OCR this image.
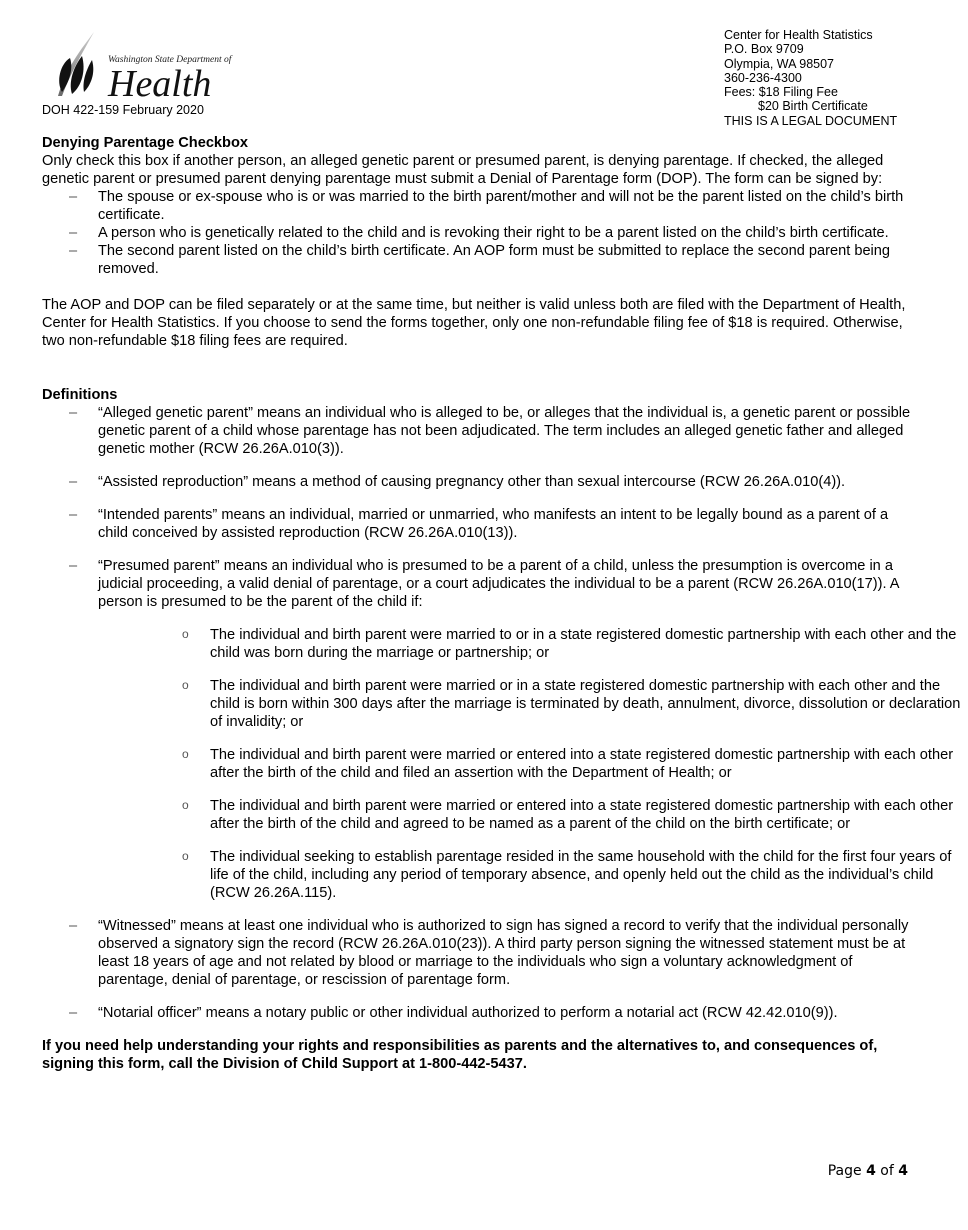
Washington State Department of
Health
DOH 422-159 February 2020
Center for Health Statistics
P.O. Box 9709
Olympia, WA 98507
360-236-4300
Fees: $18 Filing Fee
$20 Birth Certificate
THIS IS A LEGAL DOCUMENT
Denying Parentage Checkbox

Only check this box if another person, an alleged genetic parent or presumed parent, is denying parentage. If checked, the alleged genetic parent or presumed parent denying parentage must submit a Denial of Parentage form (DOP). The form can be signed by:

– The spouse or ex-spouse who is or was married to the birth parent/mother and will not be the parent listed on the child’s birth certificate.
– A person who is genetically related to the child and is revoking their right to be a parent listed on the child’s birth certificate.
– The second parent listed on the child’s birth certificate. An AOP form must be submitted to replace the second parent being removed.

The AOP and DOP can be filed separately or at the same time, but neither is valid unless both are filed with the Department of Health, Center for Health Statistics. If you choose to send the forms together, only one non-refundable filing fee of $18 is required. Otherwise, two non-refundable $18 filing fees are required.

Definitions
– “Alleged genetic parent” means an individual who is alleged to be, or alleges that the individual is, a genetic parent or possible genetic parent of a child whose parentage has not been adjudicated. The term includes an alleged genetic father and alleged genetic mother (RCW 26.26A.010(3)).
– “Assisted reproduction” means a method of causing pregnancy other than sexual intercourse (RCW 26.26A.010(4)).
– “Intended parents” means an individual, married or unmarried, who manifests an intent to be legally bound as a parent of a child conceived by assisted reproduction (RCW 26.26A.010(13)).
– “Presumed parent” means an individual who is presumed to be a parent of a child, unless the presumption is overcome in a judicial proceeding, a valid denial of parentage, or a court adjudicates the individual to be a parent (RCW 26.26A.010(17)). A person is presumed to be the parent of the child if:
o The individual and birth parent were married to or in a state registered domestic partnership with each other and the child was born during the marriage or partnership; or
o The individual and birth parent were married or in a state registered domestic partnership with each other and the child is born within 300 days after the marriage is terminated by death, annulment, divorce, dissolution or declaration of invalidity; or
o The individual and birth parent were married or entered into a state registered domestic partnership with each other after the birth of the child and filed an assertion with the Department of Health; or
o The individual and birth parent were married or entered into a state registered domestic partnership with each other after the birth of the child and agreed to be named as a parent of the child on the birth certificate; or
o The individual seeking to establish parentage resided in the same household with the child for the first four years of life of the child, including any period of temporary absence, and openly held out the child as the individual’s child (RCW 26.26A.115).
– “Witnessed” means at least one individual who is authorized to sign has signed a record to verify that the individual personally observed a signatory sign the record (RCW 26.26A.010(23)). A third party person signing the witnessed statement must be at least 18 years of age and not related by blood or marriage to the individuals who sign a voluntary acknowledgment of parentage, denial of parentage, or rescission of parentage form.
– “Notarial officer” means a notary public or other individual authorized to perform a notarial act (RCW 42.42.010(9)).

If you need help understanding your rights and responsibilities as parents and the alternatives to, and consequences of, signing this form, call the Division of Child Support at 1-800-442-5437.

Page 4 of 4
